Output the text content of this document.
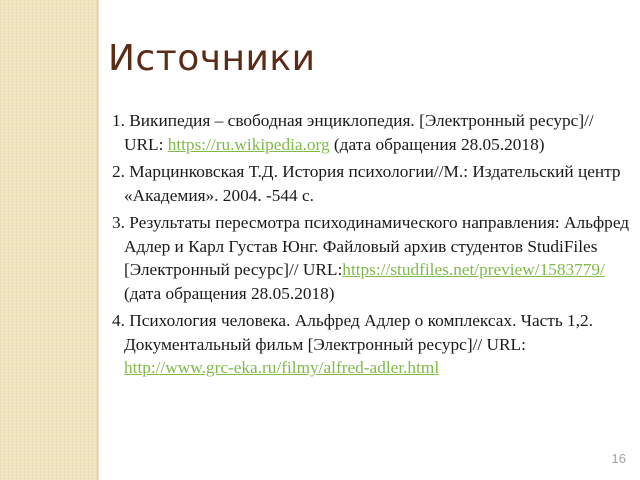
Источники
1. Википедия – свободная энциклопедия. [Электронный ресурс]// URL: https://ru.wikipedia.org (дата обращения 28.05.2018)
2. Марцинковская Т.Д. История психологии//М.: Издательский центр «Академия». 2004. -544 с.
3. Результаты пересмотра психодинамического направления: Альфред Адлер и Карл Густав Юнг. Файловый архив студентов StudiFiles [Электронный ресурс]// URL:https://studfiles.net/preview/1583779/ (дата обращения 28.05.2018)
4. Психология человека. Альфред Адлер о комплексах. Часть 1,2. Документальный фильм [Электронный ресурс]// URL: http://www.grc-eka.ru/filmy/alfred-adler.html
16
